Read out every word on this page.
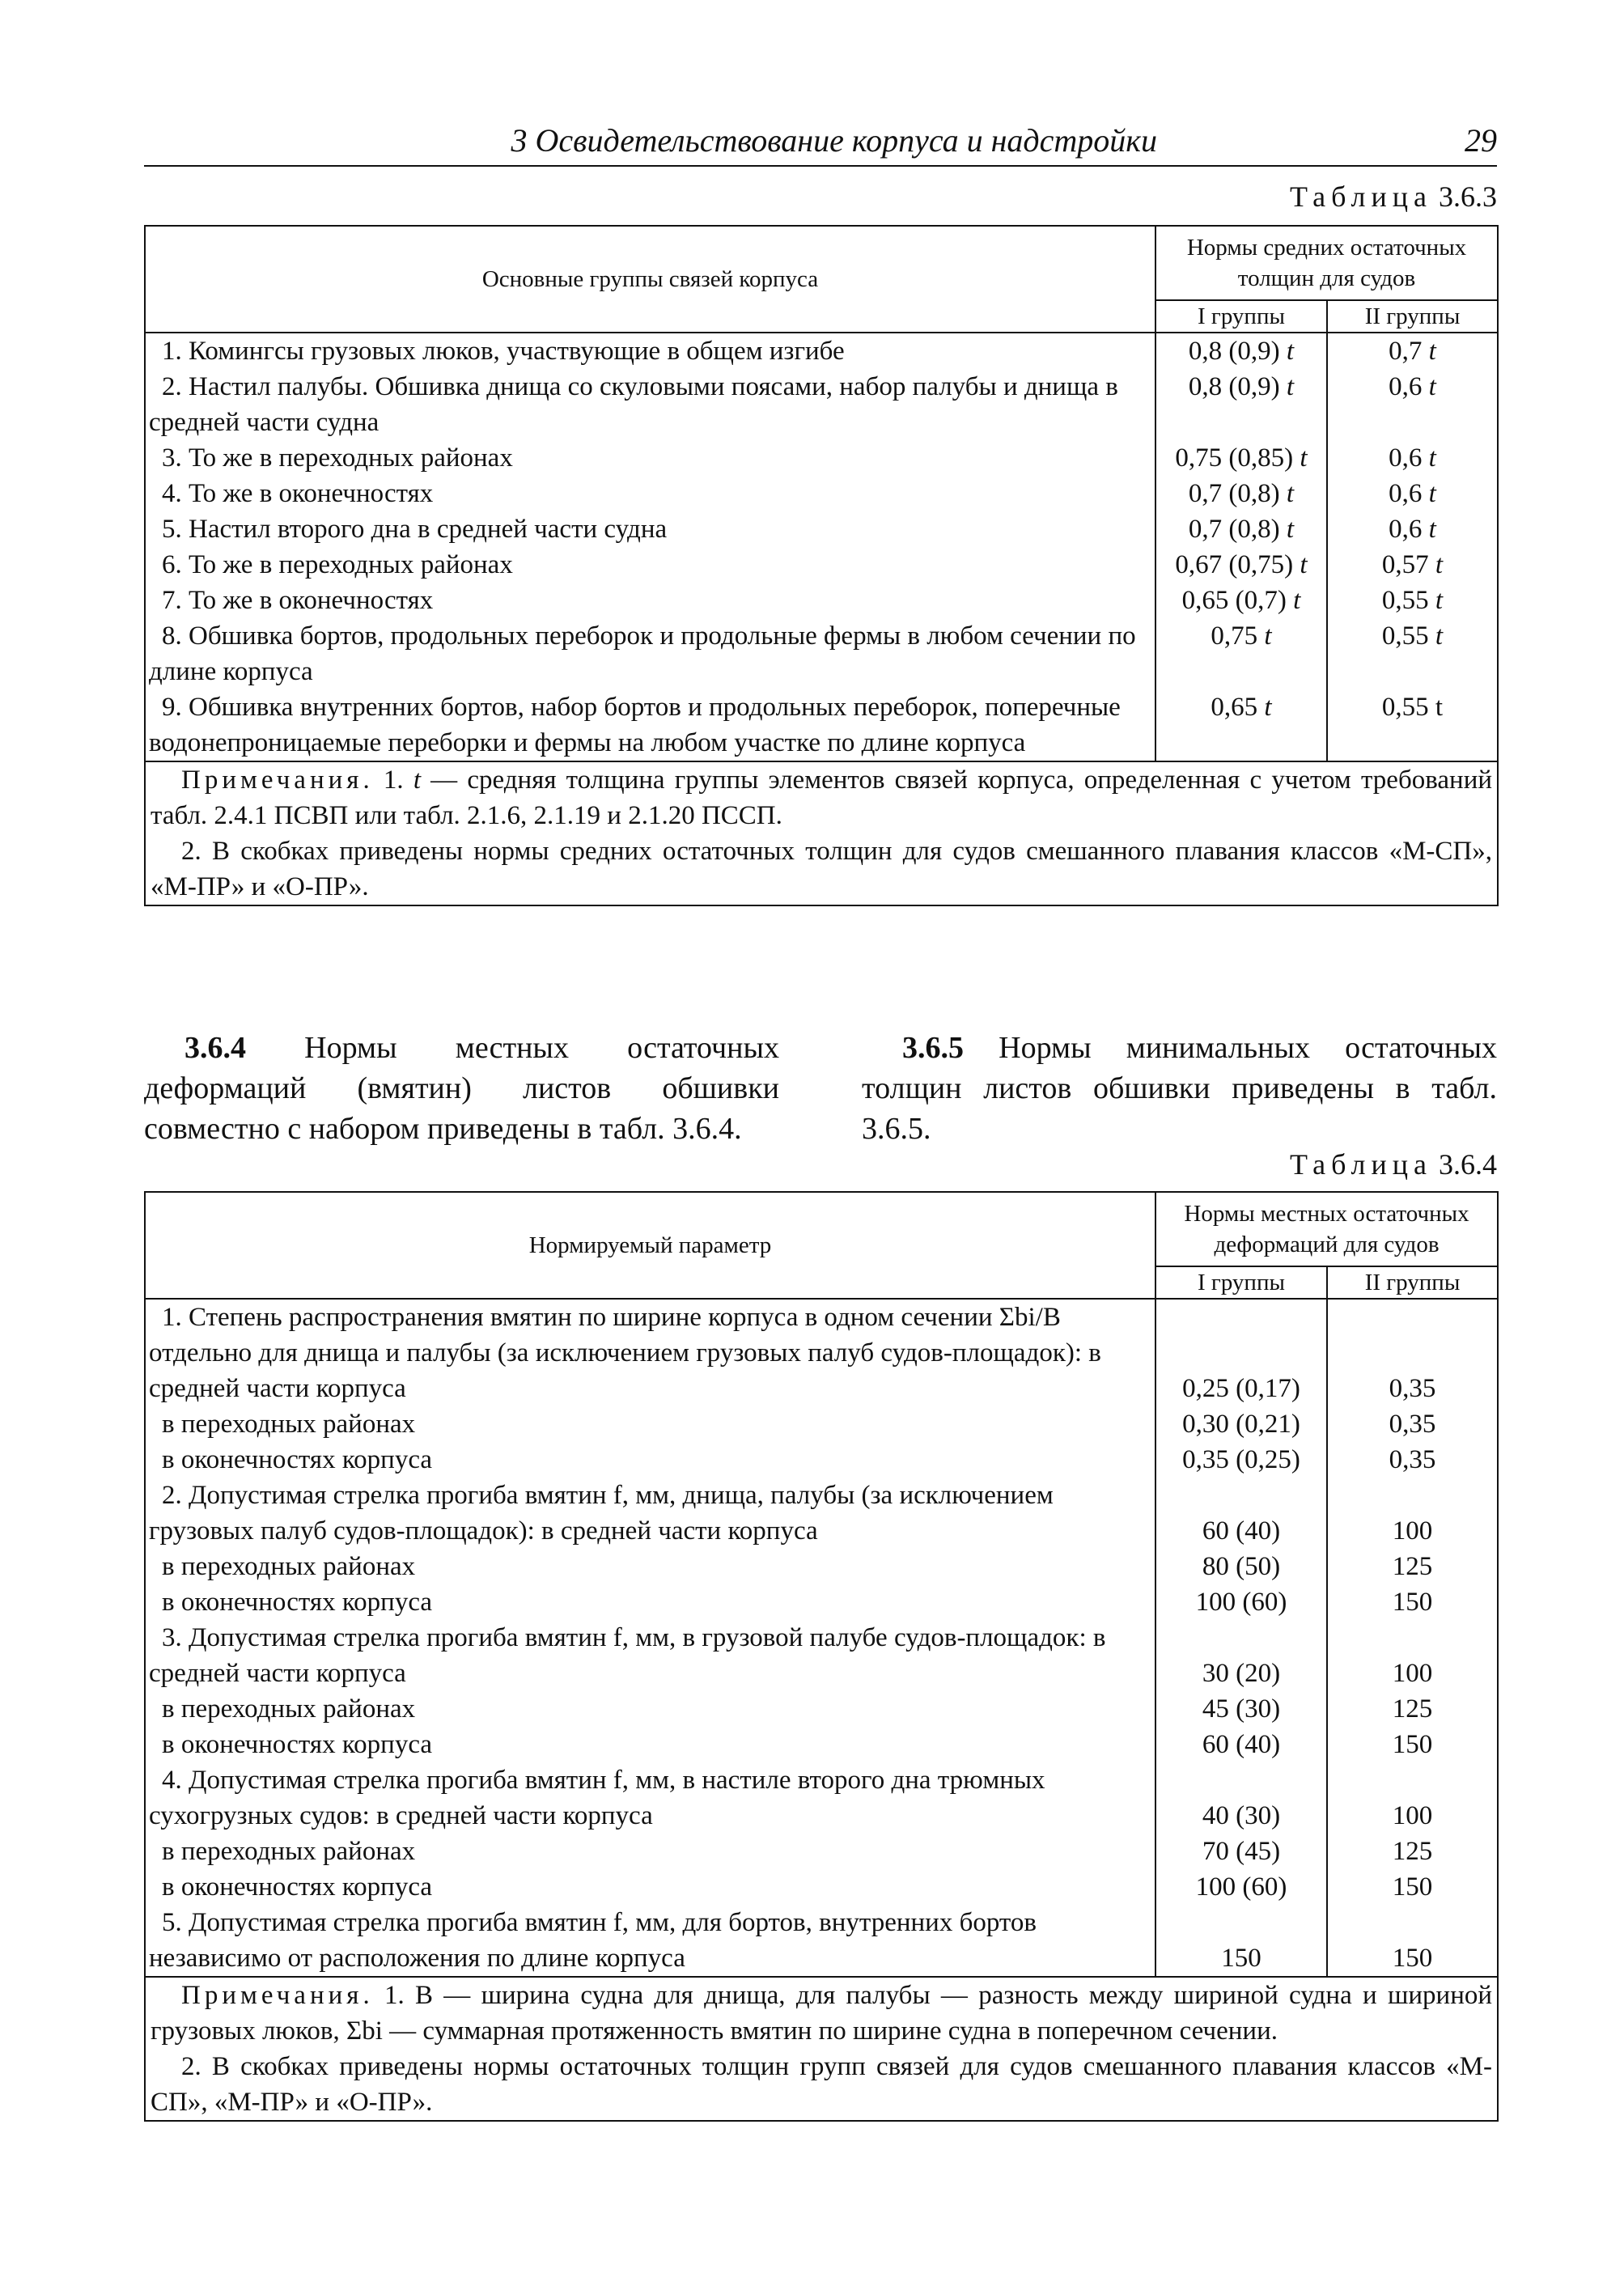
3 Освидетельствование корпуса и надстройки	29
Таблица 3.6.3
Основные группы связей корпуса	Нормы средних остаточных толщин для судов	
	I группы	II группы
1. Комингсы грузовых люков, участвующие в общем изгибе	0,8 (0,9) t	0,7 t
2. Настил палубы. Обшивка днища со скуловыми поясами, набор палубы и днища в средней части судна	0,8 (0,9) t	0,6 t
3. То же в переходных районах	0,75 (0,85) t	0,6 t
4. То же в оконечностях	0,7 (0,8) t	0,6 t
5. Настил второго дна в средней части судна	0,7 (0,8) t	0,6 t
6. То же в переходных районах	0,67 (0,75) t	0,57 t
7. То же в оконечностях	0,65 (0,7) t	0,55 t
8. Обшивка бортов, продольных переборок и продольные фермы в любом сечении по длине корпуса	0,75 t	0,55 t
9. Обшивка внутренних бортов, набор бортов и продольных переборок, поперечные водонепроницаемые переборки и фермы на любом участке по длине корпуса	0,65 t	0,55 t

Примечания. 1. t — средняя толщина группы элементов связей корпуса, определенная с учетом требований табл. 2.4.1 ПСВП или табл. 2.1.6, 2.1.19 и 2.1.20 ПССП.

2. В скобках приведены нормы средних остаточных толщин для судов смешанного плавания классов «М-СП», «М-ПР» и «О-ПР».		

3.6.4 Нормы местных остаточных деформаций (вмятин) листов обшивки совместно с набором приведены в табл. 3.6.4.

3.6.5 Нормы минимальных остаточных толщин листов обшивки приведены в табл. 3.6.5.

Таблица 3.6.4
Нормируемый параметр	Нормы местных остаточных деформаций для судов	
	I группы	II группы
1. Степень распространения вмятин по ширине корпуса в одном сечении Σbi/B отдельно для днища и палубы (за исключением грузовых палуб судов-площадок): в средней части корпуса	0,25 (0,17)	0,35
в переходных районах	0,30 (0,21)	0,35
в оконечностях корпуса	0,35 (0,25)	0,35
2. Допустимая стрелка прогиба вмятин f, мм, днища, палубы (за исключением грузовых палуб судов-площадок): в средней части корпуса	60 (40)	100
в переходных районах	80 (50)	125
в оконечностях корпуса	100 (60)	150
3. Допустимая стрелка прогиба вмятин f, мм, в грузовой палубе судов-площадок: в средней части корпуса	30 (20)	100
в переходных районах	45 (30)	125
в оконечностях корпуса	60 (40)	150
4. Допустимая стрелка прогиба вмятин f, мм, в настиле второго дна трюмных сухогрузных судов: в средней части корпуса	40 (30)	100
в переходных районах	70 (45)	125
в оконечностях корпуса	100 (60)	150
5. Допустимая стрелка прогиба вмятин f, мм, для бортов, внутренних бортов независимо от расположения по длине корпуса	150	150

Примечания. 1. B — ширина судна для днища, для палубы — разность между шириной судна и шириной грузовых люков, Σbi — суммарная протяженность вмятин по ширине судна в поперечном сечении.

2. В скобках приведены нормы остаточных толщин групп связей для судов смешанного плавания классов «М-СП», «М-ПР» и «О-ПР».		
